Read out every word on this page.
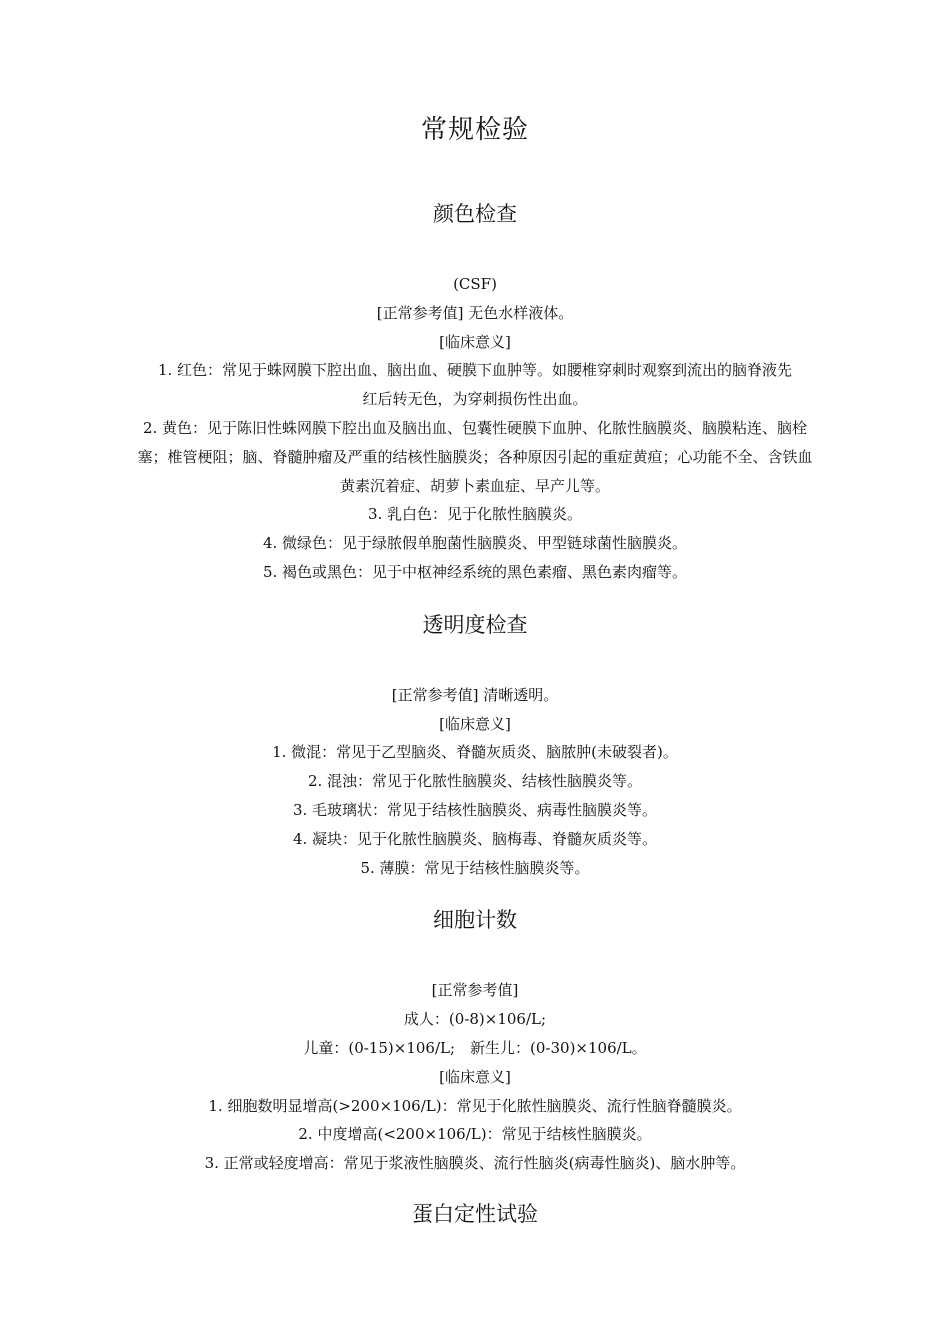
常规检验
颜色检查
(CSF)
[正常参考值] 无色水样液体。
[临床意义]
1. 红色：常见于蛛网膜下腔出血、脑出血、硬膜下血肿等。如腰椎穿刺时观察到流出的脑脊液先红后转无色，为穿刺损伤性出血。
2. 黄色：见于陈旧性蛛网膜下腔出血及脑出血、包囊性硬膜下血肿、化脓性脑膜炎、脑膜粘连、脑栓塞；椎管梗阻；脑、脊髓肿瘤及严重的结核性脑膜炎；各种原因引起的重症黄疸；心功能不全、含铁血黄素沉着症、胡萝卜素血症、早产儿等。
3. 乳白色：见于化脓性脑膜炎。
4. 微绿色：见于绿脓假单胞菌性脑膜炎、甲型链球菌性脑膜炎。
5. 褐色或黑色：见于中枢神经系统的黑色素瘤、黑色素肉瘤等。
透明度检查
[正常参考值] 清晰透明。
[临床意义]
1. 微混：常见于乙型脑炎、脊髓灰质炎、脑脓肿(未破裂者)。
2. 混浊：常见于化脓性脑膜炎、结核性脑膜炎等。
3. 毛玻璃状：常见于结核性脑膜炎、病毒性脑膜炎等。
4. 凝块：见于化脓性脑膜炎、脑梅毒、脊髓灰质炎等。
5. 薄膜：常见于结核性脑膜炎等。
细胞计数
[正常参考值]
成人：(0-8)×106/L;
儿童：(0-15)×106/L;　新生儿：(0-30)×106/L。
[临床意义]
1. 细胞数明显增高(>200×106/L)：常见于化脓性脑膜炎、流行性脑脊髓膜炎。
2. 中度增高(<200×106/L)：常见于结核性脑膜炎。
3. 正常或轻度增高：常见于浆液性脑膜炎、流行性脑炎(病毒性脑炎)、脑水肿等。
蛋白定性试验
